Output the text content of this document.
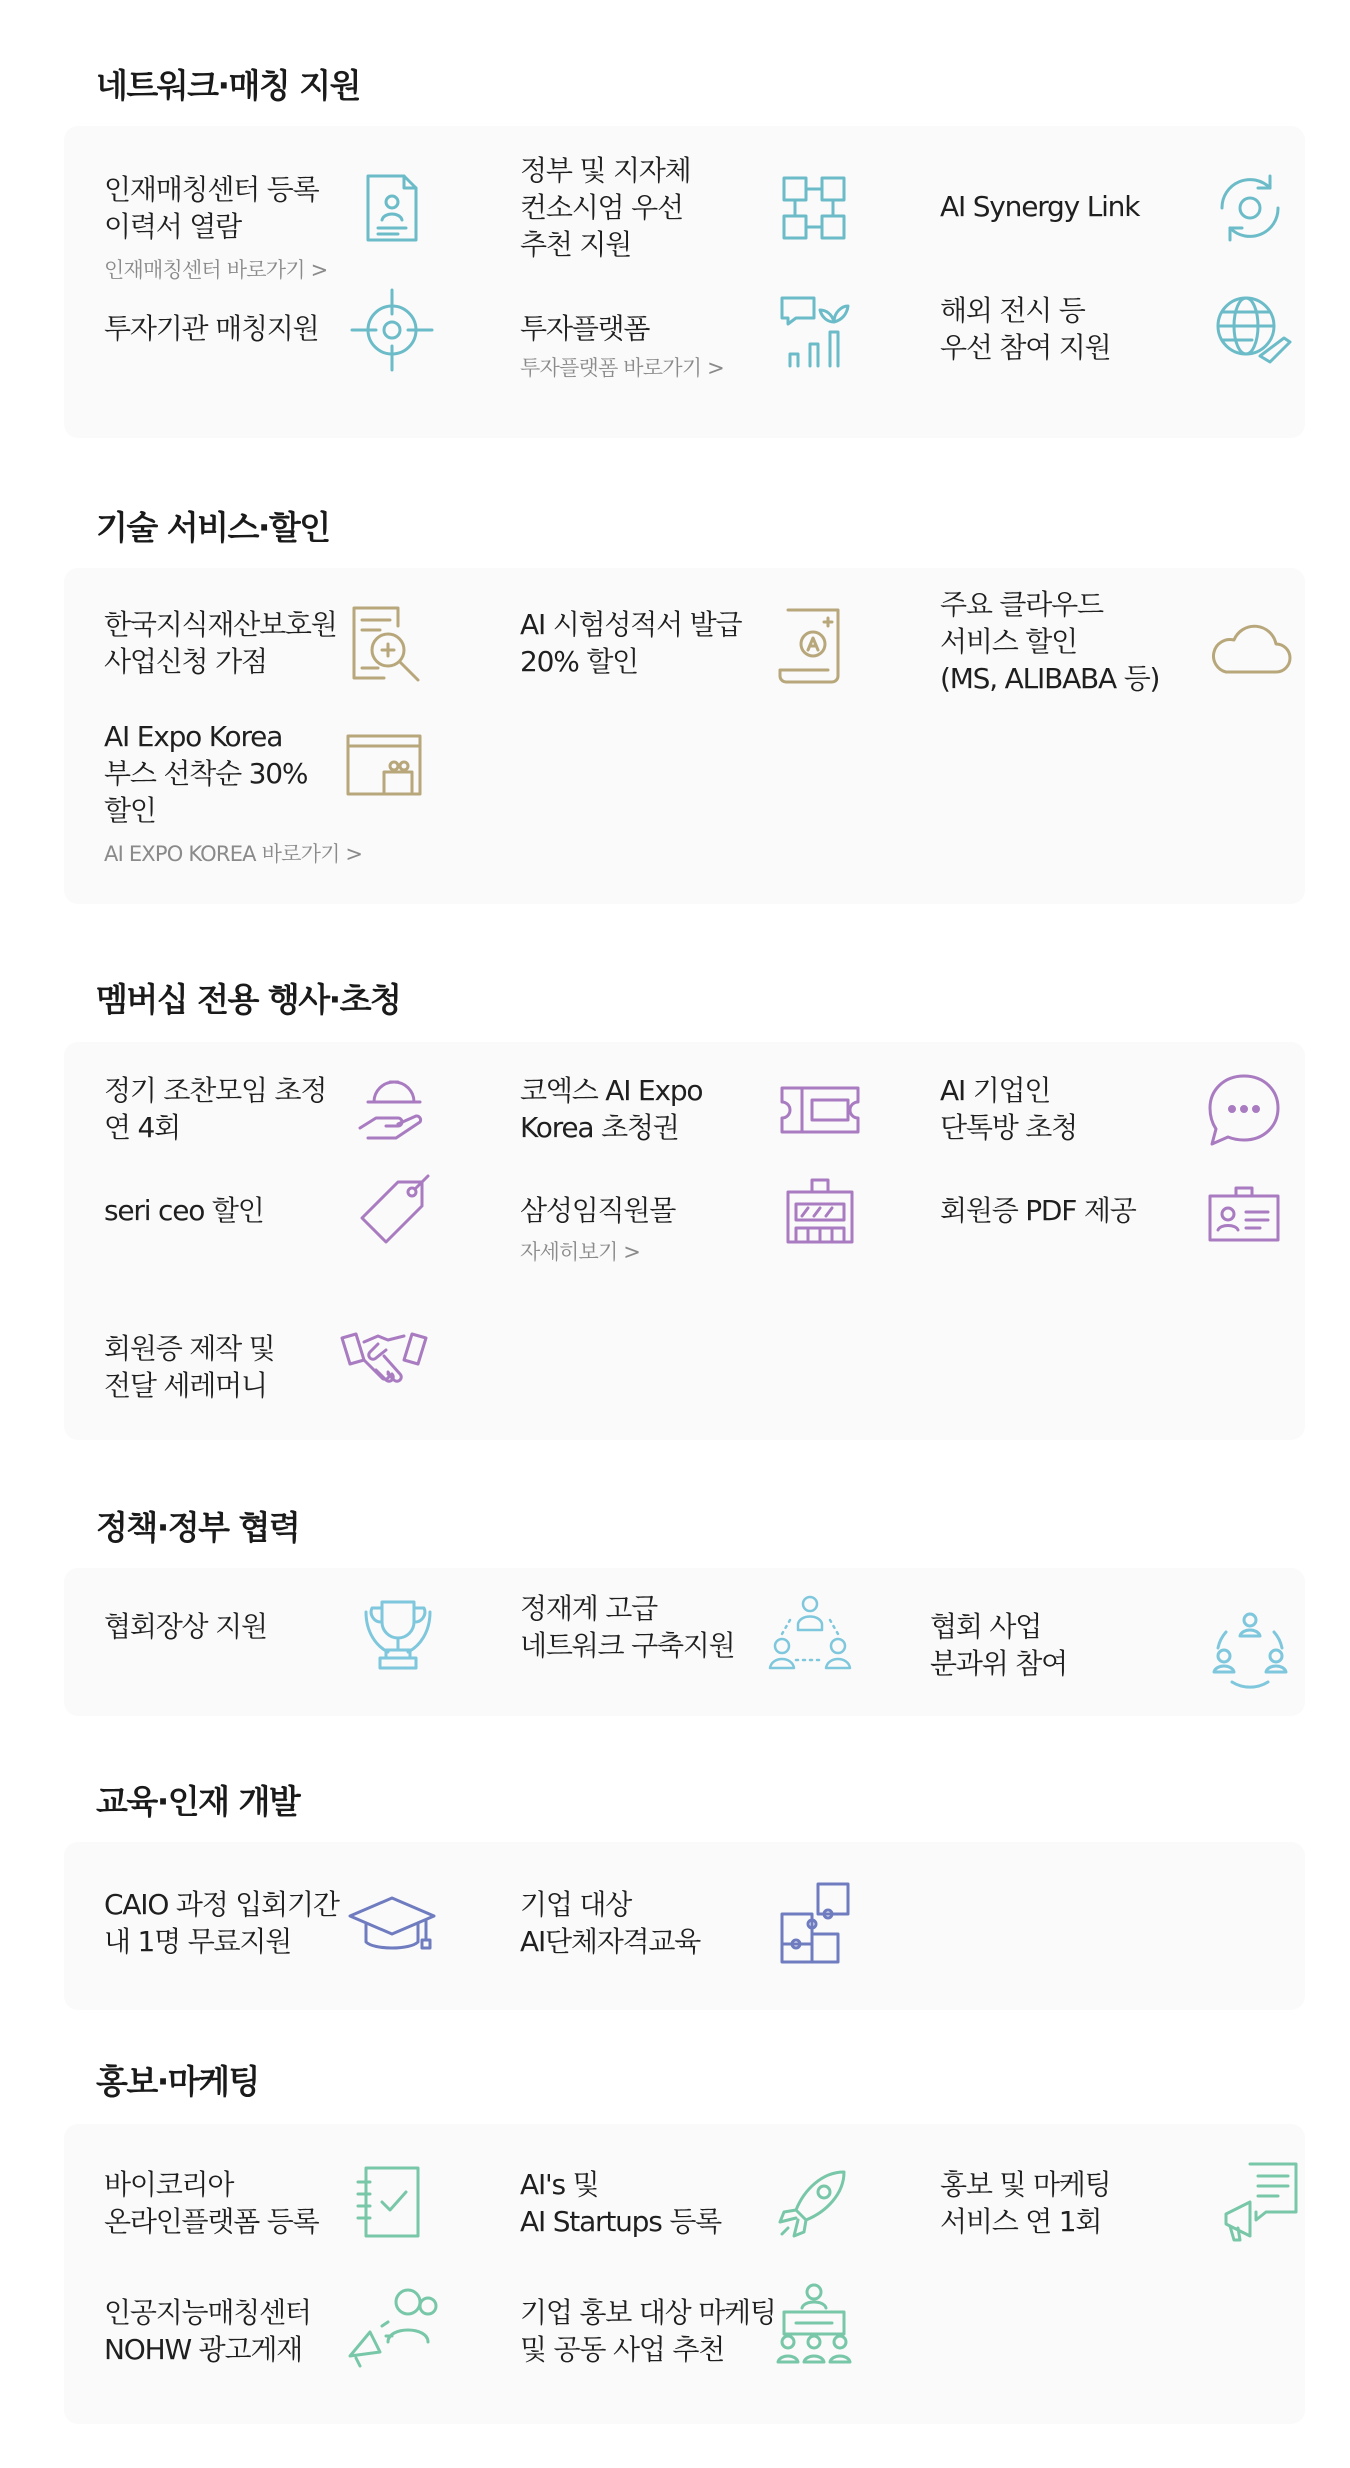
네트워크·매칭 지원
인재매칭센터 등록
이력서 열람
인재매칭센터 바로가기 >
정부 및 지자체
컨소시엄 우선
추천 지원
AI Synergy Link
투자기관 매칭지원	투자플랫폼
투자플랫폼 바로가기 >
해외 전시 등
우선 참여 지원
기술 서비스·할인
한국지식재산보호원
사업신청 가점
AI 시험성적서 발급
20% 할인
주요 클라우드
서비스 할인
(MS, ALIBABA 등)
AI Expo Korea
부스 선착순 30%
할인
AI EXPO KOREA 바로가기 >
멤버십 전용 행사·초청
정기 조찬모임 초정
연 4회
코엑스 AI Expo
Korea 초청권
AI 기업인
단톡방 초청
seri ceo 할인	삼성임직원몰
자세히보기 >
회원증 PDF 제공
회원증 제작 및
전달 세레머니
정책·정부 협력
협회장상 지원
정재계 고급
네트워크 구축지원
협회 사업
분과위 참여
교육·인재 개발
CAIO 과정 입회기간
내 1명 무료지원
기업 대상
AI단체자격교육
홍보·마케팅
바이코리아
온라인플랫폼 등록
AI's 및
AI Startups 등록
홍보 및 마케팅
서비스 연 1회
인공지능매칭센터
NOHW 광고게재
기업 홍보 대상 마케팅
및 공동 사업 추천
